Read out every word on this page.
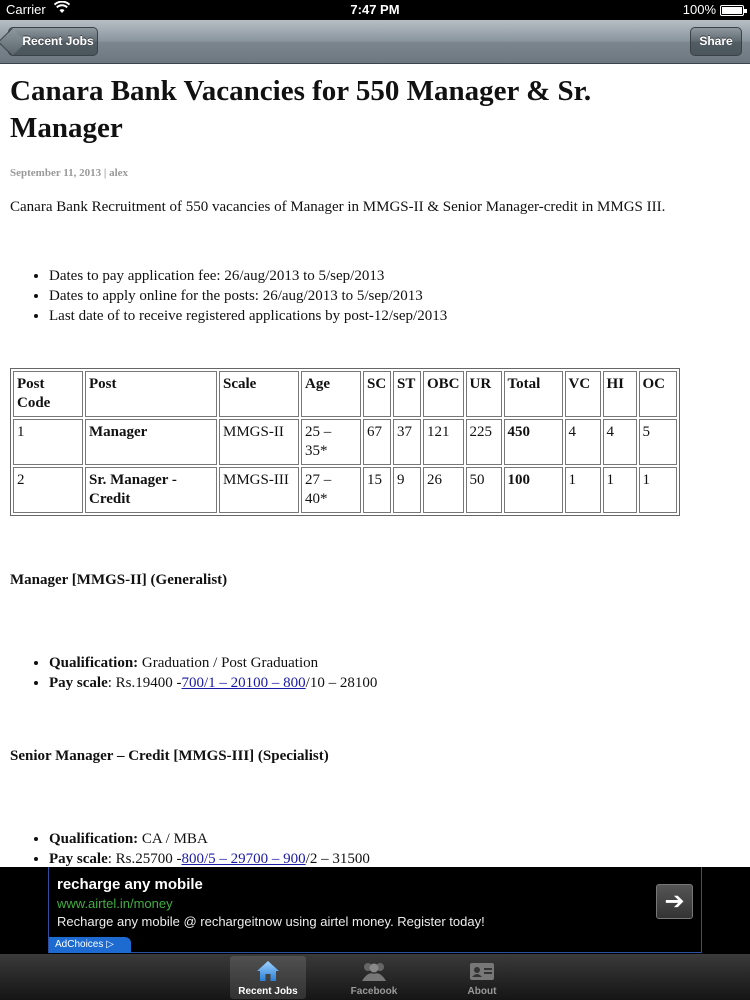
Carrier	7:47 PM	100%
Recent Jobs	Share
Canara Bank Vacancies for 550 Manager & Sr. Manager
September 11, 2013 | alex

Canara Bank Recruitment of 550 vacancies of Manager in MMGS-II & Senior Manager-credit in MMGS III.

• Dates to pay application fee: 26/aug/2013 to 5/sep/2013
• Dates to apply online for the posts: 26/aug/2013 to 5/sep/2013
• Last date of to receive registered applications by post-12/sep/2013
Post Code	Post	Scale	Age	SC	ST	OBC	UR	Total	VC	HI	OC
1	Manager	MMGS-II	25 – 35*	67	37	121	225	450	4	4	5
2	Sr. Manager -Credit	MMGS-III	27 – 40*	15	9	26	50	100	1	1	1
Manager [MMGS-II] (Generalist)
• Qualification: Graduation / Post Graduation
• Pay scale: Rs.19400 -700/1 – 20100 – 800/10 – 28100
Senior Manager – Credit [MMGS-III] (Specialist)
• Qualification: CA / MBA
• Pay scale: Rs.25700 -800/5 – 29700 – 900/2 – 31500
recharge any mobile
www.airtel.in/money
Recharge any mobile @ rechargeitnow using airtel money. Register today!
AdChoices ▷
➔
Recent Jobs	Facebook	About
